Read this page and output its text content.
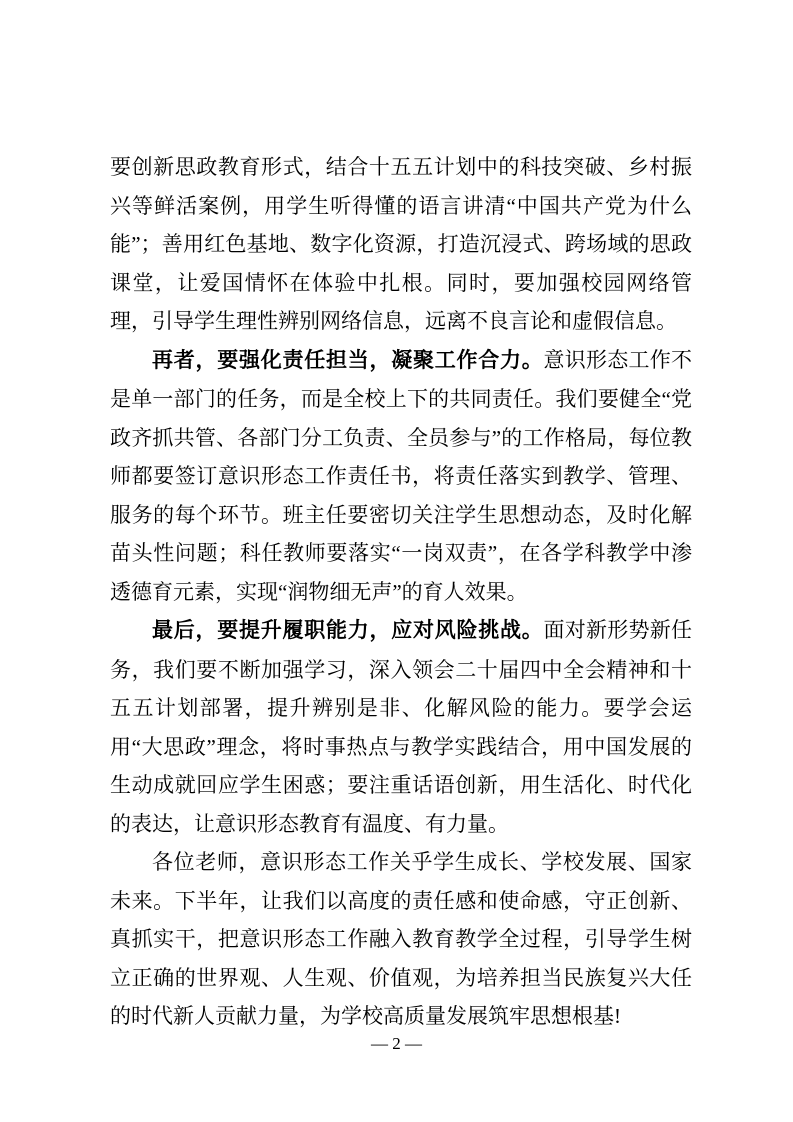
要创新思政教育形式，结合十五五计划中的科技突破、乡村振兴等鲜活案例，用学生听得懂的语言讲清“中国共产党为什么能”；善用红色基地、数字化资源，打造沉浸式、跨场域的思政课堂，让爱国情怀在体验中扎根。同时，要加强校园网络管理，引导学生理性辨别网络信息，远离不良言论和虚假信息。

再者，要强化责任担当，凝聚工作合力。意识形态工作不是单一部门的任务，而是全校上下的共同责任。我们要健全“党政齐抓共管、各部门分工负责、全员参与”的工作格局，每位教师都要签订意识形态工作责任书，将责任落实到教学、管理、服务的每个环节。班主任要密切关注学生思想动态，及时化解苗头性问题；科任教师要落实“一岗双责”，在各学科教学中渗透德育元素，实现“润物细无声”的育人效果。

最后，要提升履职能力，应对风险挑战。面对新形势新任务，我们要不断加强学习，深入领会二十届四中全会精神和十五五计划部署，提升辨别是非、化解风险的能力。要学会运用“大思政”理念，将时事热点与教学实践结合，用中国发展的生动成就回应学生困惑；要注重话语创新，用生活化、时代化的表达，让意识形态教育有温度、有力量。

各位老师，意识形态工作关乎学生成长、学校发展、国家未来。下半年，让我们以高度的责任感和使命感，守正创新、真抓实干，把意识形态工作融入教育教学全过程，引导学生树立正确的世界观、人生观、价值观，为培养担当民族复兴大任的时代新人贡献力量，为学校高质量发展筑牢思想根基!

— 2 —
